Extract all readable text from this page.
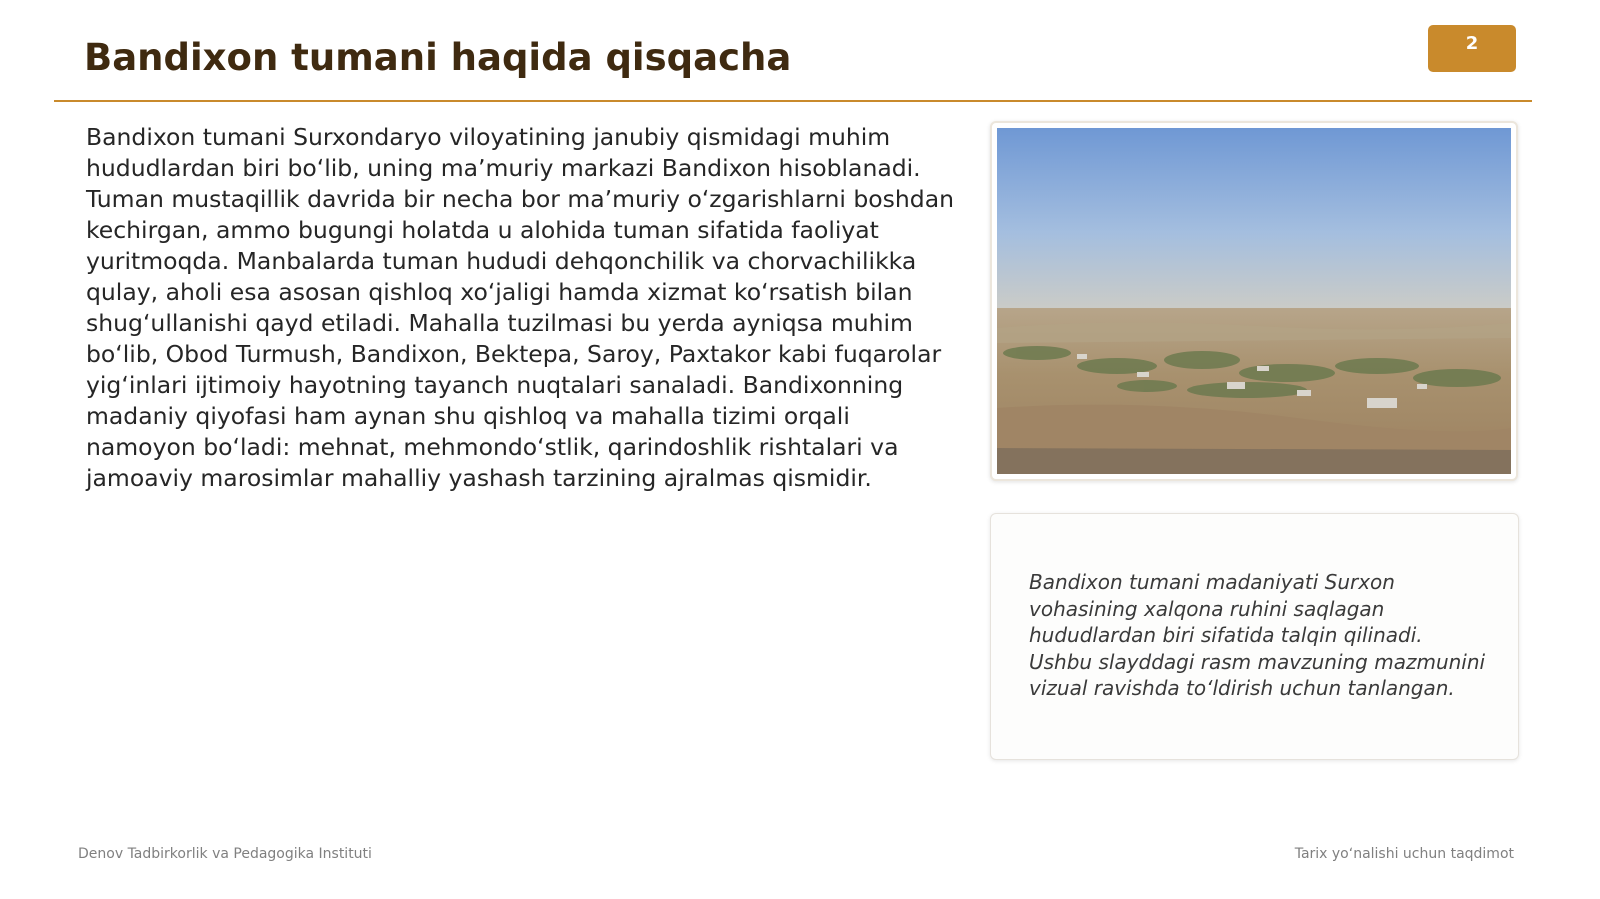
Bandixon tumani haqida qisqacha	2

Bandixon tumani Surxondaryo viloyatining janubiy qismidagi muhim hududlardan biri boʻlib, uning maʼmuriy markazi Bandixon hisoblanadi. Tuman mustaqillik davrida bir necha bor maʼmuriy oʻzgarishlarni boshdan kechirgan, ammo bugungi holatda u alohida tuman sifatida faoliyat yuritmoqda. Manbalarda tuman hududi dehqonchilik va chorvachilikka qulay, aholi esa asosan qishloq xoʻjaligi hamda xizmat koʻrsatish bilan shugʻullanishi qayd etiladi. Mahalla tuzilmasi bu yerda ayniqsa muhim boʻlib, Obod Turmush, Bandixon, Bektepa, Saroy, Paxtakor kabi fuqarolar yigʻinlari ijtimoiy hayotning tayanch nuqtalari sanaladi. Bandixonning madaniy qiyofasi ham aynan shu qishloq va mahalla tizimi orqali namoyon boʻladi: mehnat, mehmondoʻstlik, qarindoshlik rishtalari va jamoaviy marosimlar mahalliy yashash tarzining ajralmas qismidir.

Bandixon tumani madaniyati Surxon vohasining xalqona ruhini saqlagan hududlardan biri sifatida talqin qilinadi. Ushbu slayddagi rasm mavzuning mazmunini vizual ravishda toʻldirish uchun tanlangan.

Denov Tadbirkorlik va Pedagogika Instituti	Tarix yoʻnalishi uchun taqdimot
